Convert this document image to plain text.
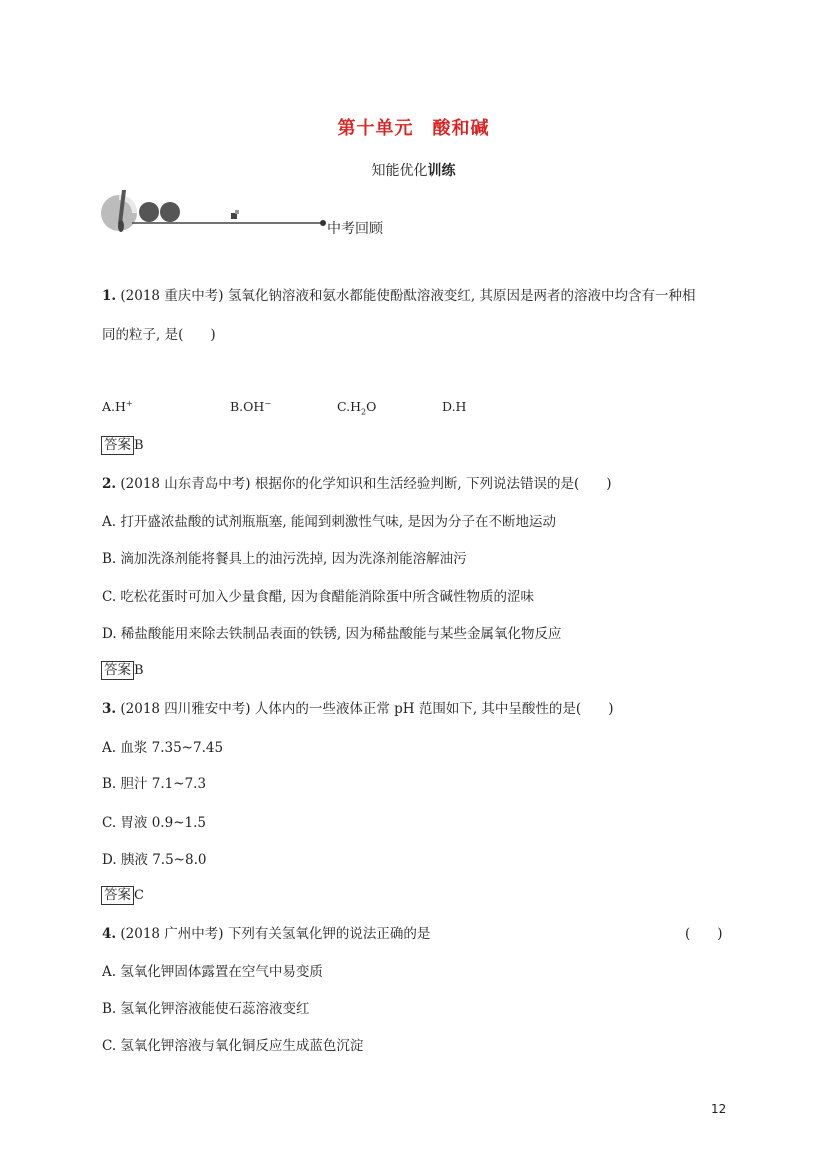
第十单元　酸和碱
知能优化训练
中考回顾
1. (2018 重庆中考) 氢氧化钠溶液和氨水都能使酚酞溶液变红, 其原因是两者的溶液中均含有一种相
同的粒子, 是(　　)
A.H+	B.OH−	$C.H_2O$	D.H
答案 B
2. (2018 山东青岛中考) 根据你的化学知识和生活经验判断, 下列说法错误的是(　　)
A. 打开盛浓盐酸的试剂瓶瓶塞, 能闻到刺激性气味, 是因为分子在不断地运动
B. 滴加洗涤剂能将餐具上的油污洗掉, 因为洗涤剂能溶解油污
C. 吃松花蛋时可加入少量食醋, 因为食醋能消除蛋中所含碱性物质的涩味
D. 稀盐酸能用来除去铁制品表面的铁锈, 因为稀盐酸能与某些金属氧化物反应
答案 B
3. (2018 四川雅安中考) 人体内的一些液体正常 pH 范围如下, 其中呈酸性的是(　　)
A. 血浆 7.35~7.45
B. 胆汁 7.1~7.3
C. 胃液 0.9~1.5
D. 胰液 7.5~8.0
答案 C
4. (2018 广州中考) 下列有关氢氧化钾的说法正确的是	(　　)
A. 氢氧化钾固体露置在空气中易变质
B. 氢氧化钾溶液能使石蕊溶液变红
C. 氢氧化钾溶液与氧化铜反应生成蓝色沉淀
12
